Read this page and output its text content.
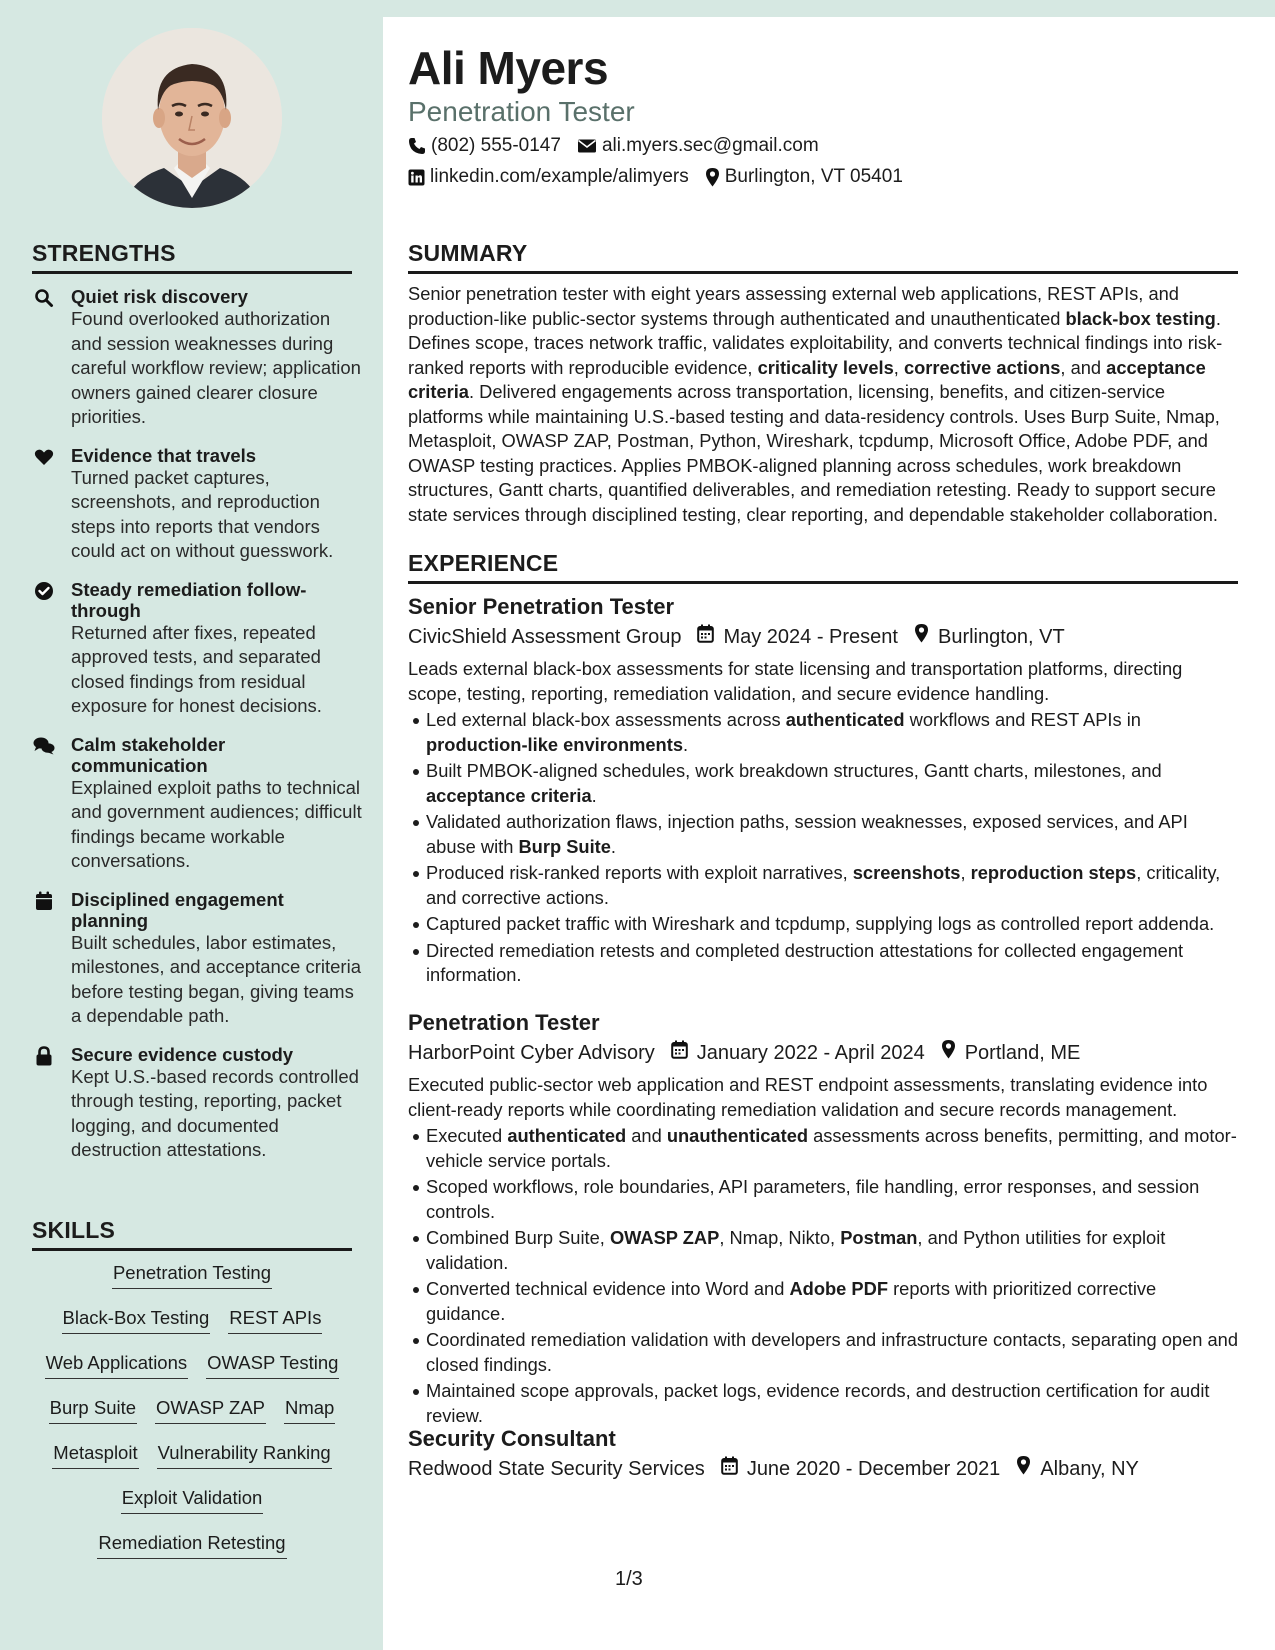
STRENGTHS
Quiet risk discovery
Found overlooked authorization and session weaknesses during careful workflow review; application owners gained clearer closure priorities.
Evidence that travels
Turned packet captures, screenshots, and reproduction steps into reports that vendors could act on without guesswork.
Steady remediation follow-through
Returned after fixes, repeated approved tests, and separated closed findings from residual exposure for honest decisions.
Calm stakeholder communication
Explained exploit paths to technical and government audiences; difficult findings became workable conversations.
Disciplined engagement planning
Built schedules, labor estimates, milestones, and acceptance criteria before testing began, giving teams a dependable path.
Secure evidence custody
Kept U.S.-based records controlled through testing, reporting, packet logging, and documented destruction attestations.
SKILLS
Penetration Testing
Black-Box Testing REST APIs
Web Applications OWASP Testing
Burp Suite OWASP ZAP Nmap
Metasploit Vulnerability Ranking
Exploit Validation
Remediation Retesting
Ali Myers
Penetration Tester
(802) 555-0147 ali.myers.sec@gmail.com
linkedin.com/example/alimyers Burlington, VT 05401
SUMMARY

Senior penetration tester with eight years assessing external web applications, REST APIs, and production-like public-sector systems through authenticated and unauthenticated black-box testing. Defines scope, traces network traffic, validates exploitability, and converts technical findings into risk-ranked reports with reproducible evidence, criticality levels, corrective actions, and acceptance criteria. Delivered engagements across transportation, licensing, benefits, and citizen-service platforms while maintaining U.S.-based testing and data-residency controls. Uses Burp Suite, Nmap, Metasploit, OWASP ZAP, Postman, Python, Wireshark, tcpdump, Microsoft Office, Adobe PDF, and OWASP testing practices. Applies PMBOK-aligned planning across schedules, work breakdown structures, Gantt charts, quantified deliverables, and remediation retesting. Ready to support secure state services through disciplined testing, clear reporting, and dependable stakeholder collaboration.

EXPERIENCE
Senior Penetration Tester
CivicShield Assessment Group May 2024 - Present Burlington, VT

Leads external black-box assessments for state licensing and transportation platforms, directing scope, testing, reporting, remediation validation, and secure evidence handling.

Led external black-box assessments across authenticated workflows and REST APIs in production-like environments.
Built PMBOK-aligned schedules, work breakdown structures, Gantt charts, milestones, and acceptance criteria.
Validated authorization flaws, injection paths, session weaknesses, exposed services, and API abuse with Burp Suite.
Produced risk-ranked reports with exploit narratives, screenshots, reproduction steps, criticality, and corrective actions.
Captured packet traffic with Wireshark and tcpdump, supplying logs as controlled report addenda.
Directed remediation retests and completed destruction attestations for collected engagement information.
Penetration Tester
HarborPoint Cyber Advisory January 2022 - April 2024 Portland, ME

Executed public-sector web application and REST endpoint assessments, translating evidence into client-ready reports while coordinating remediation validation and secure records management.

Executed authenticated and unauthenticated assessments across benefits, permitting, and motor-vehicle service portals.
Scoped workflows, role boundaries, API parameters, file handling, error responses, and session controls.
Combined Burp Suite, OWASP ZAP, Nmap, Nikto, Postman, and Python utilities for exploit validation.
Converted technical evidence into Word and Adobe PDF reports with prioritized corrective guidance.
Coordinated remediation validation with developers and infrastructure contacts, separating open and closed findings.
Maintained scope approvals, packet logs, evidence records, and destruction certification for audit review.
Security Consultant
Redwood State Security Services June 2020 - December 2021 Albany, NY
1/3
